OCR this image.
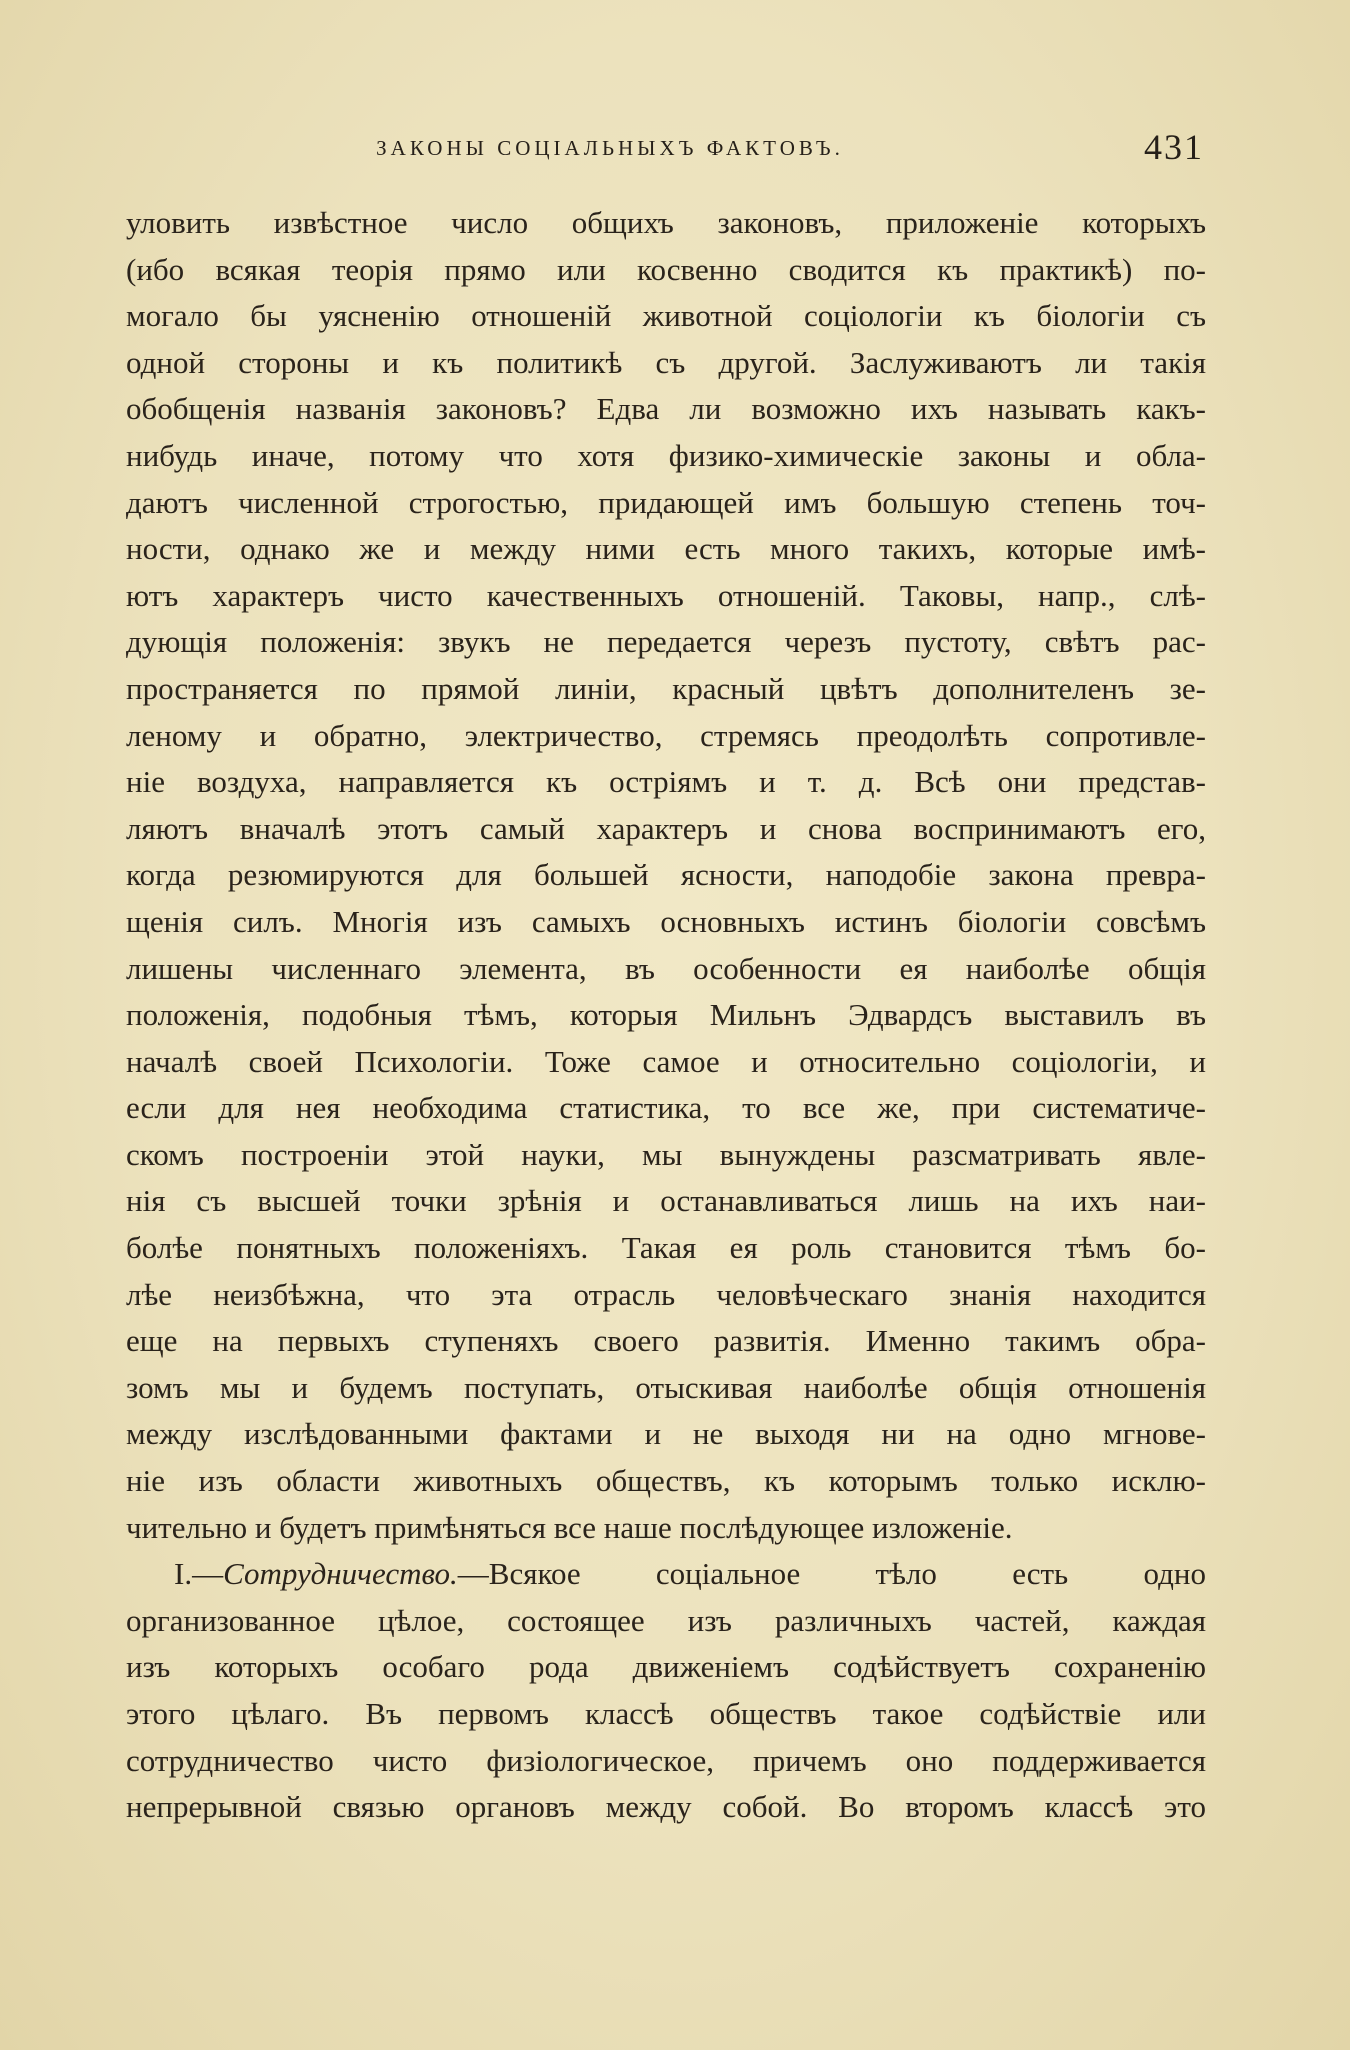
ЗАКОНЫ СОЦІАЛЬНЫХЪ ФАКТОВЪ.	431
уловить извѣстное число общихъ законовъ, приложеніе которыхъ
(ибо всякая теорія прямо или косвенно сводится къ практикѣ) по-
могало бы уясненію отношеній животной соціологіи къ біологіи съ
одной стороны и къ политикѣ съ другой. Заслуживаютъ ли такія
обобщенія названія законовъ? Едва ли возможно ихъ называть какъ-
нибудь иначе, потому что хотя физико-химическіе законы и обла-
даютъ численной строгостью, придающей имъ большую степень точ-
ности, однако же и между ними есть много такихъ, которые имѣ-
ютъ характеръ чисто качественныхъ отношеній. Таковы, напр., слѣ-
дующія положенія: звукъ не передается черезъ пустоту, свѣтъ рас-
пространяется по прямой линіи, красный цвѣтъ дополнителенъ зе-
леному и обратно, электричество, стремясь преодолѣть сопротивле-
ніе воздуха, направляется къ остріямъ и т. д. Всѣ они представ-
ляютъ вначалѣ этотъ самый характеръ и снова воспринимаютъ его,
когда резюмируются для большей ясности, наподобіе закона превра-
щенія силъ. Многія изъ самыхъ основныхъ истинъ біологіи совсѣмъ
лишены численнаго элемента, въ особенности ея наиболѣе общія
положенія, подобныя тѣмъ, которыя Мильнъ Эдвардсъ выставилъ въ
началѣ своей Психологіи. Тоже самое и относительно соціологіи, и
если для нея необходима статистика, то все же, при систематиче-
скомъ построеніи этой науки, мы вынуждены разсматривать явле-
нія съ высшей точки зрѣнія и останавливаться лишь на ихъ наи-
болѣе понятныхъ положеніяхъ. Такая ея роль становится тѣмъ бо-
лѣе неизбѣжна, что эта отрасль человѣческаго знанія находится
еще на первыхъ ступеняхъ своего развитія. Именно такимъ обра-
зомъ мы и будемъ поступать, отыскивая наиболѣе общія отношенія
между изслѣдованными фактами и не выходя ни на одно мгнове-
ніе изъ области животныхъ обществъ, къ которымъ только исклю-
чительно и будетъ примѣняться все наше послѣдующее изложеніе.
I.—Сотрудничество.—Всякое соціальное тѣло есть одно
организованное цѣлое, состоящее изъ различныхъ частей, каждая
изъ которыхъ особаго рода движеніемъ содѣйствуетъ сохраненію
этого цѣлаго. Въ первомъ классѣ обществъ такое содѣйствіе или
сотрудничество чисто физіологическое, причемъ оно поддерживается
непрерывной связью органовъ между собой. Во второмъ классѣ это
